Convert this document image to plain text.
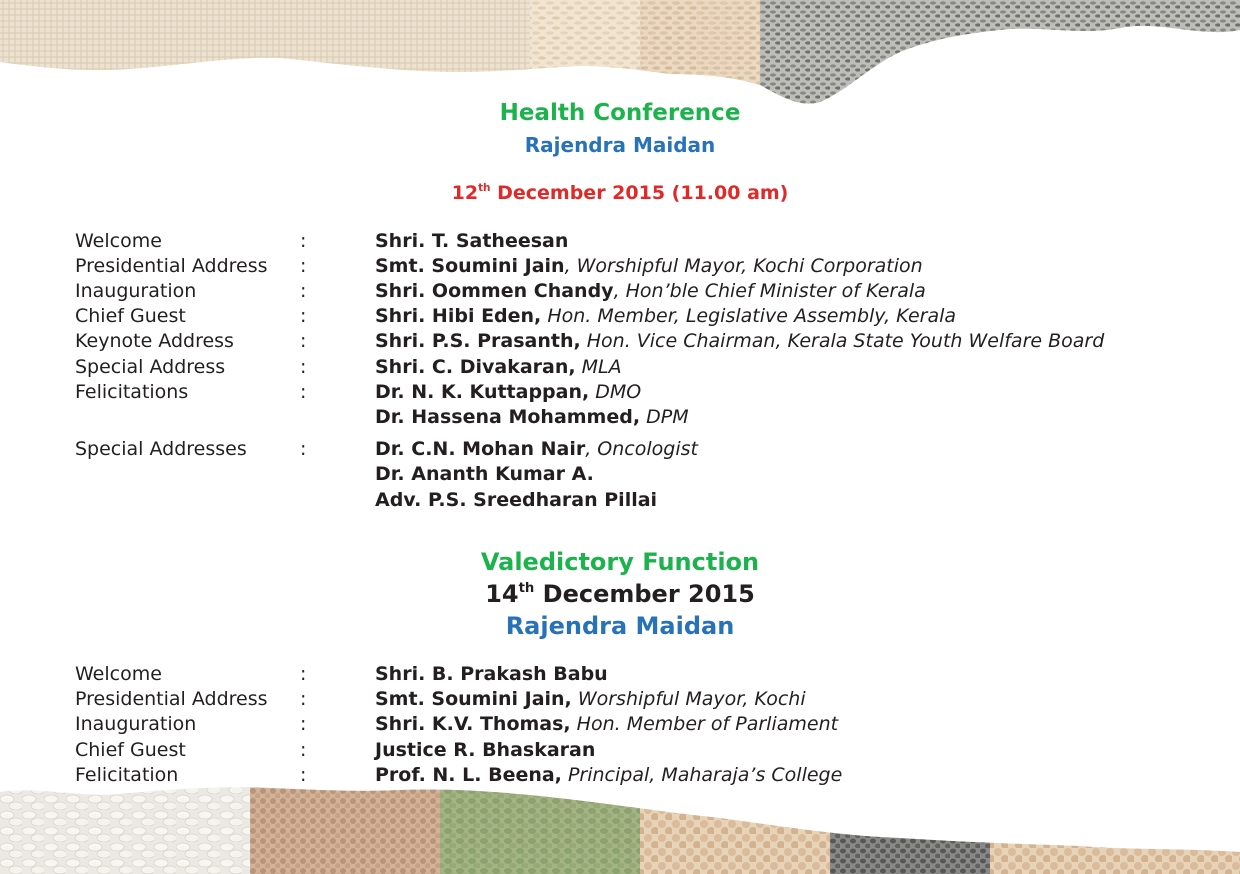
Health Conference
Rajendra Maidan
12th December 2015 (11.00 am)
Welcome	:	Shri. T. Satheesan
Presidential Address :	Smt. Soumini Jain, Worshipful Mayor, Kochi Corporation
Inauguration	:	Shri. Oommen Chandy, Hon’ble Chief Minister of Kerala
Chief Guest	:	Shri. Hibi Eden, Hon. Member, Legislative Assembly, Kerala
Keynote Address	:	Shri. P.S. Prasanth, Hon. Vice Chairman, Kerala State Youth Welfare Board
Special Address	:	Shri. C. Divakaran, MLA
Felicitations	:	Dr. N. K. Kuttappan, DMO
Dr. Hassena Mohammed, DPM
Special Addresses	:	Dr. C.N. Mohan Nair, Oncologist
Dr. Ananth Kumar A.
Adv. P.S. Sreedharan Pillai
Valedictory Function
14th December 2015
Rajendra Maidan
Welcome	:	Shri. B. Prakash Babu
Presidential Address :	Smt. Soumini Jain, Worshipful Mayor, Kochi
Inauguration	:	Shri. K.V. Thomas, Hon. Member of Parliament
Chief Guest	:	Justice R. Bhaskaran
Felicitation	:	Prof. N. L. Beena, Principal, Maharaja’s College
